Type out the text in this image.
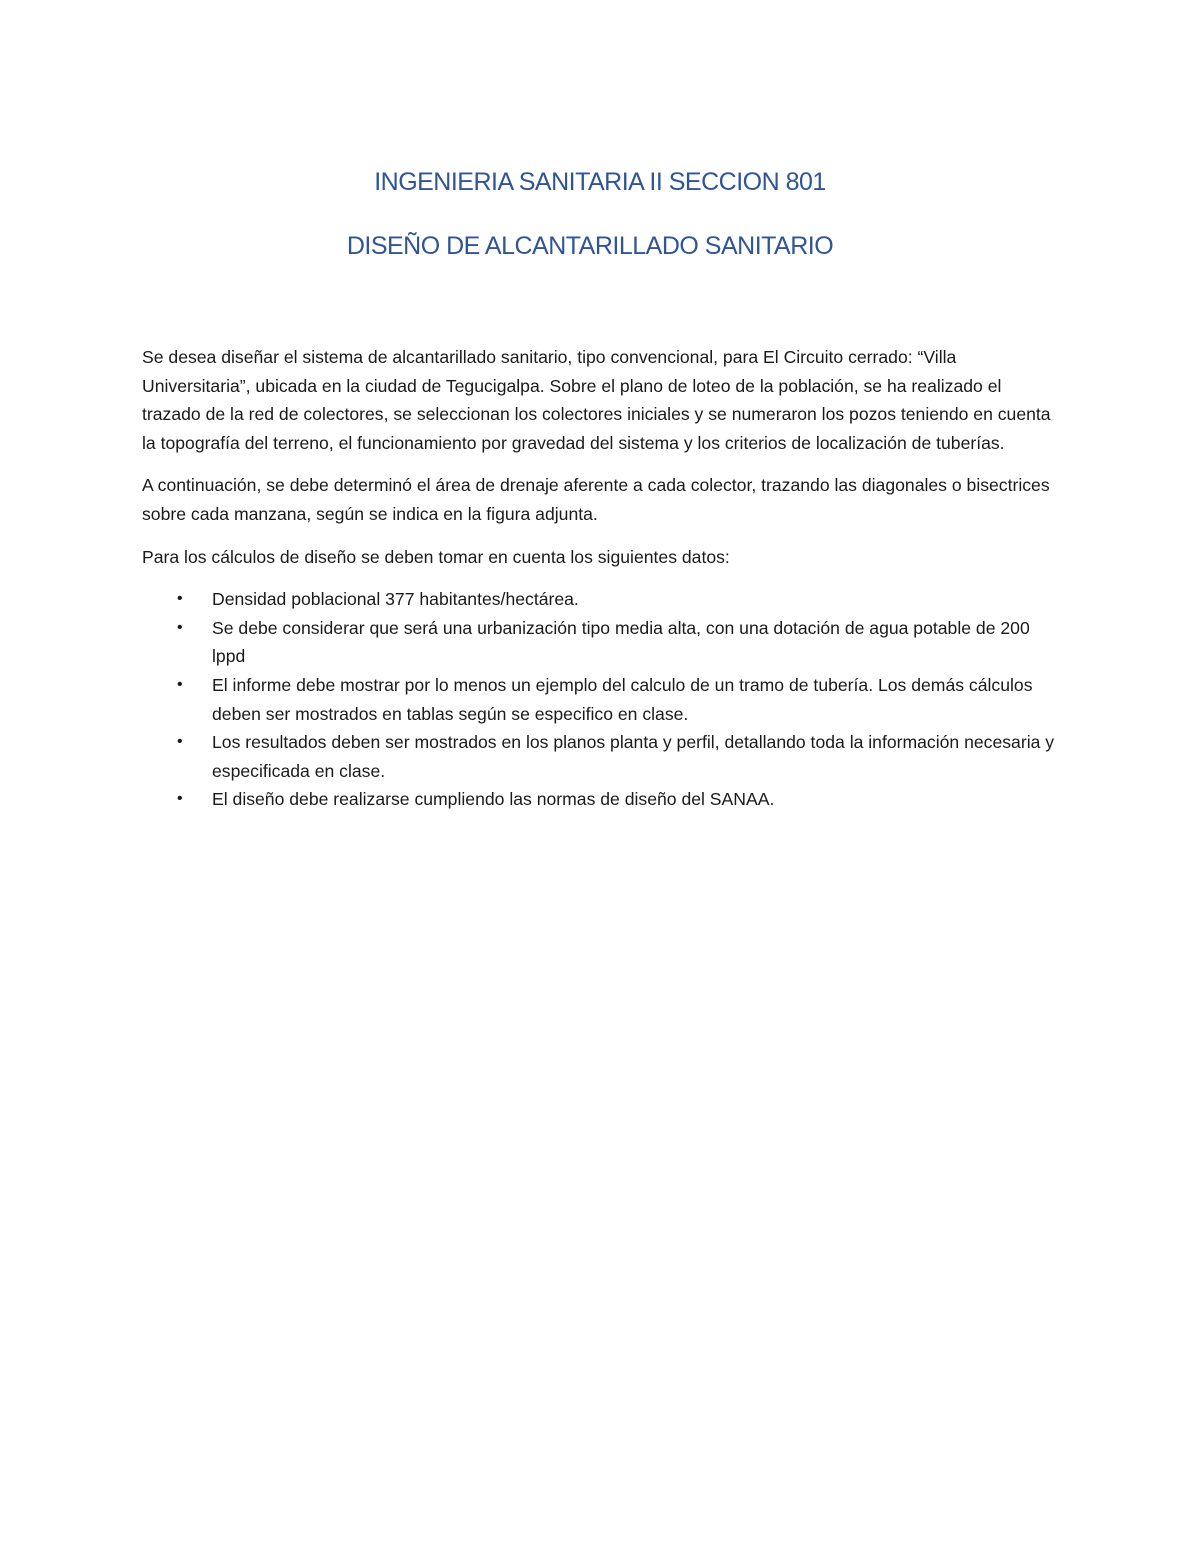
INGENIERIA SANITARIA II SECCION 801
DISEÑO DE ALCANTARILLADO SANITARIO

Se desea diseñar el sistema de alcantarillado sanitario, tipo convencional, para El Circuito cerrado: “Villa Universitaria”, ubicada en la ciudad de Tegucigalpa. Sobre el plano de loteo de la población, se ha realizado el trazado de la red de colectores, se seleccionan los colectores iniciales y se numeraron los pozos teniendo en cuenta la topografía del terreno, el funcionamiento por gravedad del sistema y los criterios de localización de tuberías.

A continuación, se debe determinó el área de drenaje aferente a cada colector, trazando las diagonales o bisectrices sobre cada manzana, según se indica en la figura adjunta.

Para los cálculos de diseño se deben tomar en cuenta los siguientes datos:

• Densidad poblacional 377 habitantes/hectárea.
• Se debe considerar que será una urbanización tipo media alta, con una dotación de agua potable de 200 lppd
• El informe debe mostrar por lo menos un ejemplo del calculo de un tramo de tubería. Los demás cálculos deben ser mostrados en tablas según se especifico en clase.
• Los resultados deben ser mostrados en los planos planta y perfil, detallando toda la información necesaria y especificada en clase.
• El diseño debe realizarse cumpliendo las normas de diseño del SANAA.
